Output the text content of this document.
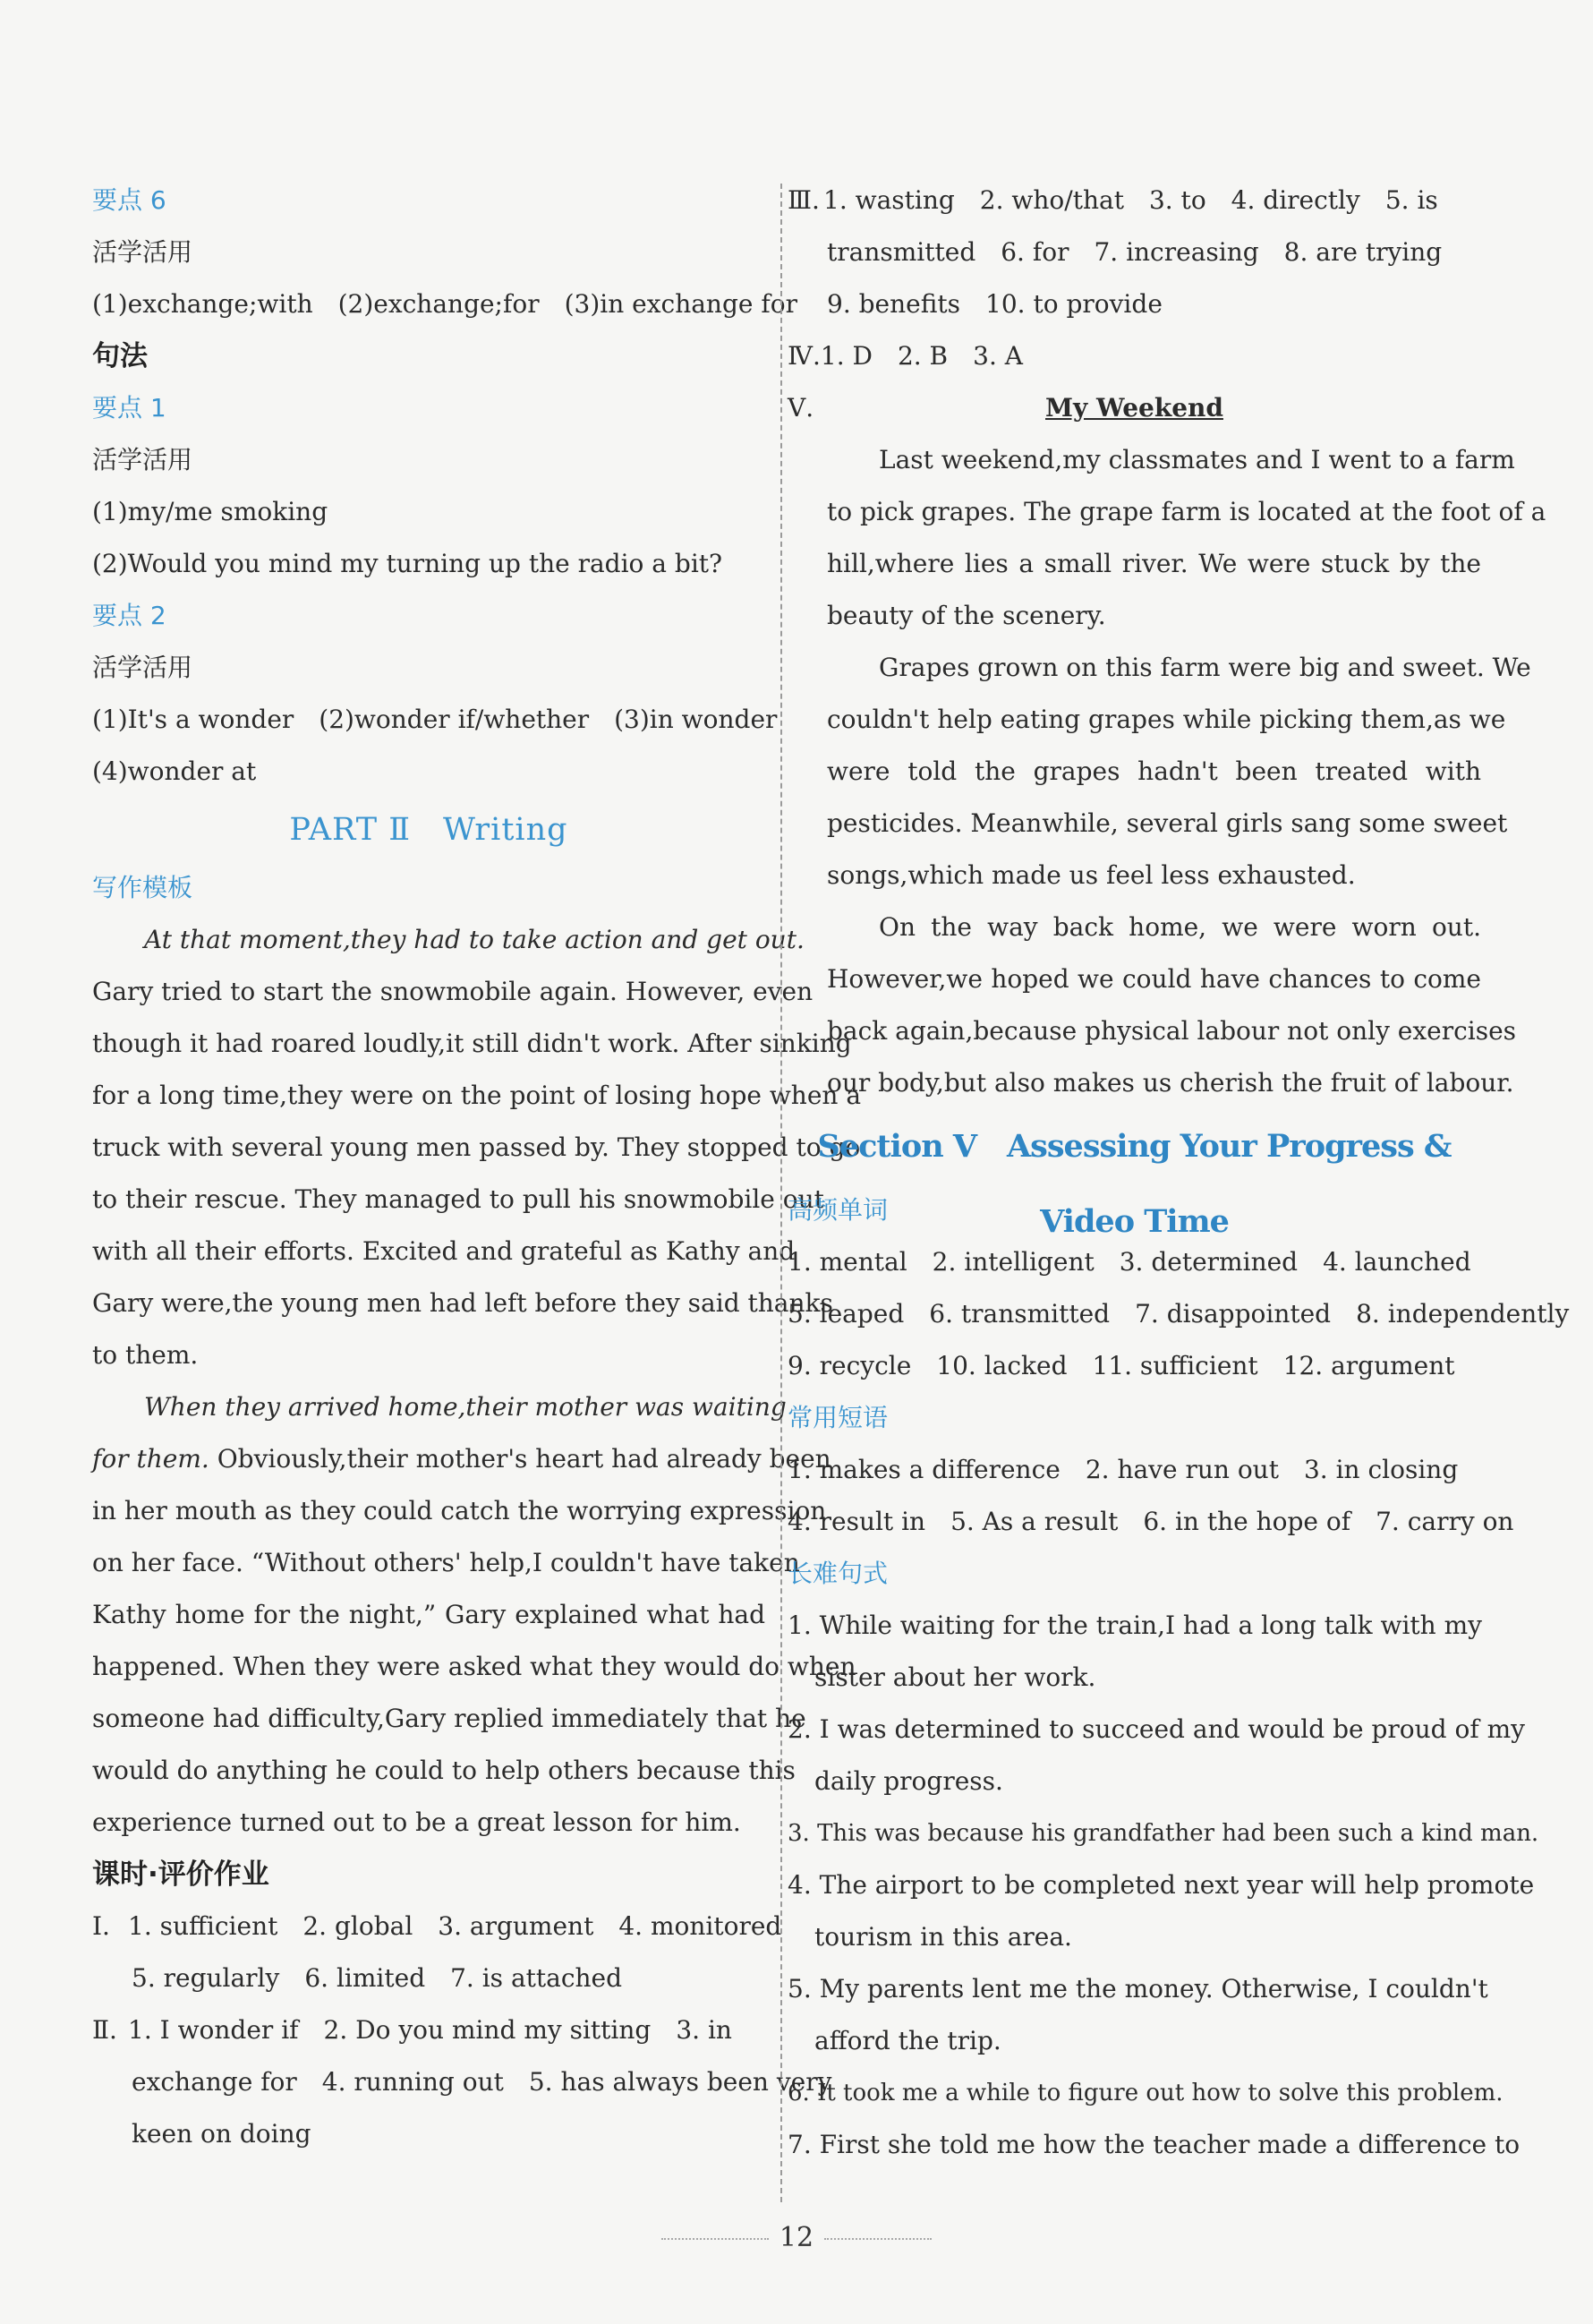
要点 6
活学活用
(1)exchange;with　(2)exchange;for　(3)in exchange for
句法
要点 1
活学活用
(1)my/me smoking
(2)Would you mind my turning up the radio a bit?
要点 2
活学活用
(1)It's a wonder　(2)wonder if/whether　(3)in wonder
(4)wonder at
PART Ⅱ　Writing
写作模板
At that moment,they had to take action and get out.
Gary tried to start the snowmobile again. However, even
though it had roared loudly,it still didn't work. After sinking
for a long time,they were on the point of losing hope when a
truck with several young men passed by. They stopped to go
to their rescue. They managed to pull his snowmobile out
with all their efforts. Excited and grateful as Kathy and
Gary were,the young men had left before they said thanks
to them.
When they arrived home,their mother was waiting
for them. Obviously,their mother's heart had already been
in her mouth as they could catch the worrying expression
on her face. “Without others' help,I couldn't have taken
Kathy home for the night,” Gary explained what had
happened. When they were asked what they would do when
someone had difficulty,Gary replied immediately that he
would do anything he could to help others because this
experience turned out to be a great lesson for him.
课时·评价作业
Ⅰ. 1. sufficient　2. global　3. argument　4. monitored
5. regularly　6. limited　7. is attached
Ⅱ. 1. I wonder if　2. Do you mind my sitting　3. in
exchange for　4. running out　5. has always been very
keen on doing
Ⅲ. 1. wasting　2. who/that　3. to　4. directly　5. is
transmitted　6. for　7. increasing　8. are trying
9. benefits　10. to provide
Ⅳ.1. D　2. B　3. A
Ⅴ.	My Weekend
Last weekend,my classmates and I went to a farm
to pick grapes. The grape farm is located at the foot of a
hill,where lies a small river. We were stuck by the
beauty of the scenery.
Grapes grown on this farm were big and sweet. We
couldn't help eating grapes while picking them,as we
were told the grapes hadn't been treated with
pesticides. Meanwhile, several girls sang some sweet
songs,which made us feel less exhausted.
On the way back home, we were worn out.
However,we hoped we could have chances to come
back again,because physical labour not only exercises
our body,but also makes us cherish the fruit of labour.
Section Ⅴ　Assessing Your Progress & Video Time
高频单词
1. mental　2. intelligent　3. determined　4. launched
5. leaped　6. transmitted　7. disappointed　8. independently
9. recycle　10. lacked　11. sufficient　12. argument
常用短语
1. makes a difference　2. have run out　3. in closing
4. result in　5. As a result　6. in the hope of　7. carry on
长难句式
1. While waiting for the train,I had a long talk with my
sister about her work.
2. I was determined to succeed and would be proud of my
daily progress.
3. This was because his grandfather had been such a kind man.
4. The airport to be completed next year will help promote
tourism in this area.
5. My parents lent me the money. Otherwise, I couldn't
afford the trip.
6. It took me a while to figure out how to solve this problem.
7. First she told me how the teacher made a difference to
12
